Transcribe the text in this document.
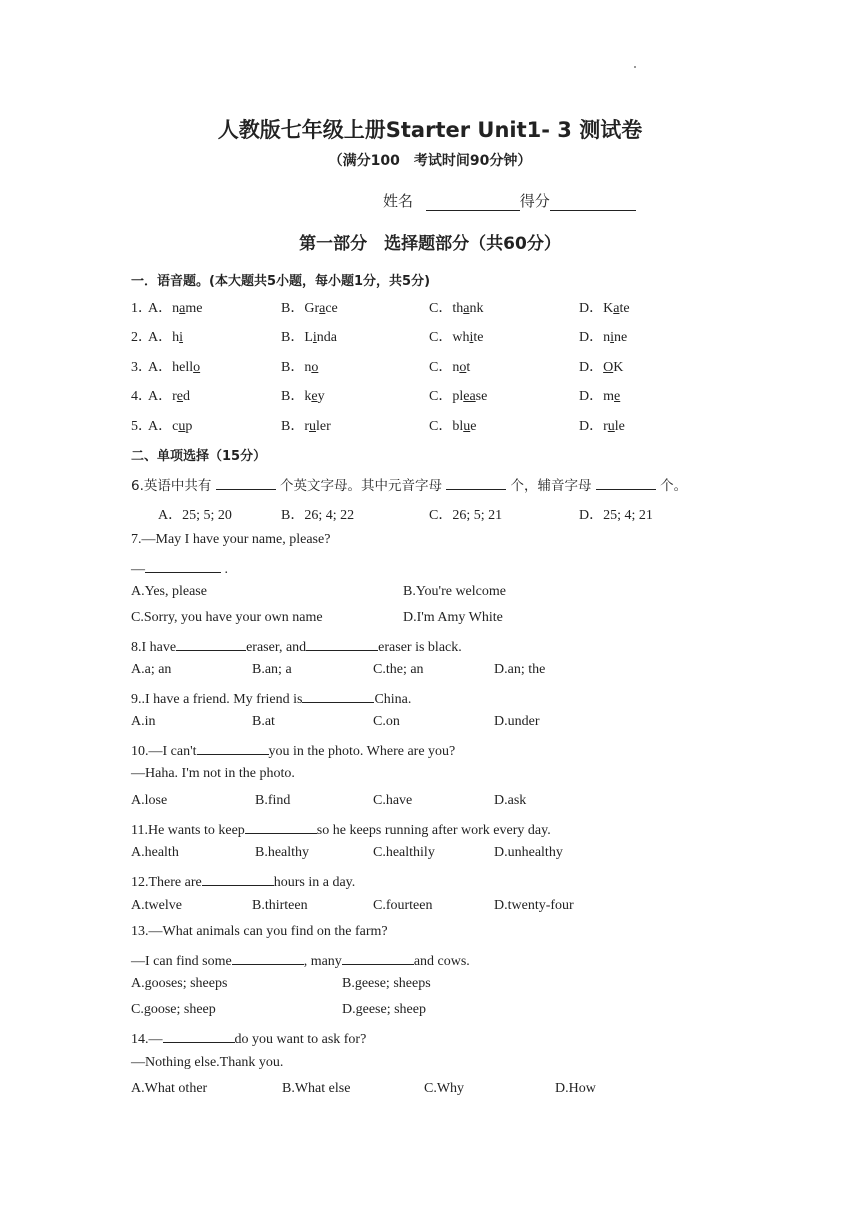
人教版七年级上册Starter Unit1- 3 测试卷
（满分100　考试时间90分钟）
姓名	得分
第一部分　选择题部分（共60分）
一．语音题。(本大题共5小题，每小题1分，共5分)
1．
A．name	B．Grace	C．thank	D．Kate
2．
A．hi	B．Linda	C．white	D．nine
3．
A．hello	B．no	C．not	D．OK
4．
A．red	B．key	C．please	D．me
5．
A．cup	B．ruler	C．blue	D．rule
二、单项选择（15分）
6.英语中共有	个英文字母。其中元音字母	个，辅音字母	个。
A．25; 5; 20	B．26; 4; 22	C．26; 5; 21	D．25; 4; 21
7.—May I have your name, please?
—	.
A.Yes, please	B.You're welcome
C.Sorry, you have your own name	D.I'm Amy White
8.I have	eraser, and	eraser is black.
A.a; an	B.an; a	C.the; an	D.an; the
9..I have a friend. My friend is	China.
A.in	B.at	C.on	D.under
10.—I can't	you in the photo. Where are you?
—Haha. I'm not in the photo.
A.lose	B.find	C.have	D.ask
11.He wants to keep	so he keeps running after work every day.
A.health	B.healthy	C.healthily	D.unhealthy
12.There are	hours in a day.
A.twelve	B.thirteen	C.fourteen	D.twenty-four
13.—What animals can you find on the farm?
—I can find some	, many	and cows.
A.gooses; sheeps	B.geese; sheeps
C.goose; sheep	D.geese; sheep
14.—	do you want to ask for?
—Nothing else.Thank you.
A.What other	B.What else	C.Why	D.How
